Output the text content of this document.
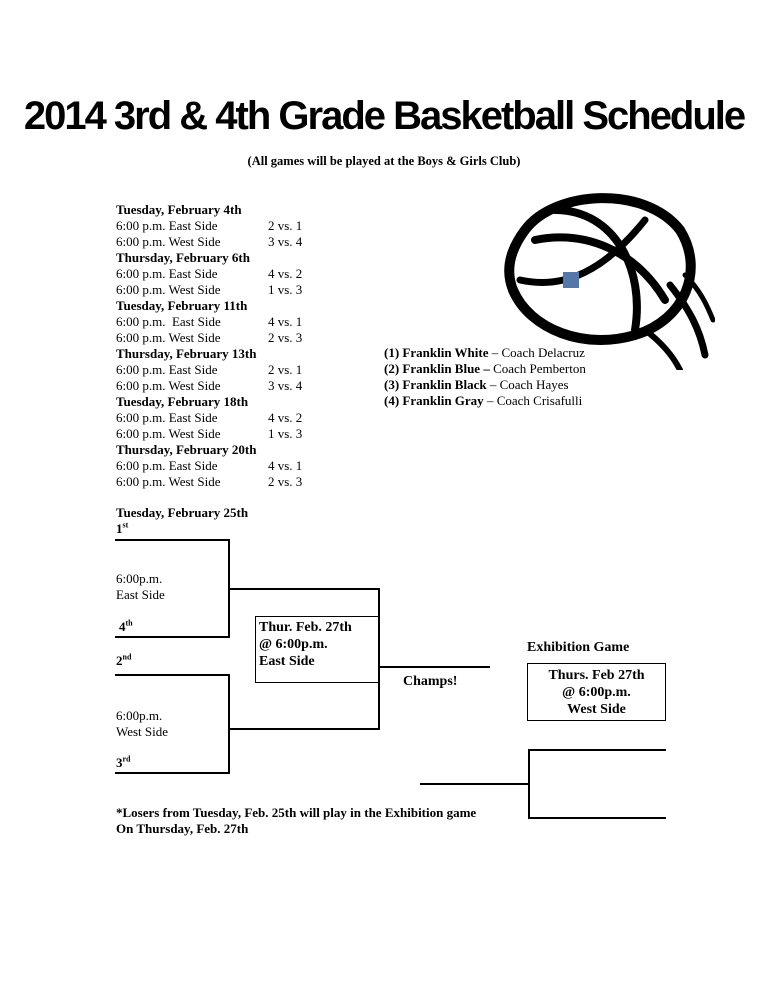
2014 3rd & 4th Grade Basketball Schedule
(All games will be played at the Boys & Girls Club)
Tuesday, February 4th
6:00 p.m. East Side	2 vs. 1
6:00 p.m. West Side	3 vs. 4
Thursday, February 6th
6:00 p.m. East Side	4 vs. 2
6:00 p.m. West Side	1 vs. 3
Tuesday, February 11th
6:00 p.m.  East Side	4 vs. 1
6:00 p.m. West Side	2 vs. 3
Thursday, February 13th
6:00 p.m. East Side	2 vs. 1
6:00 p.m. West Side	3 vs. 4
Tuesday, February 18th
6:00 p.m. East Side	4 vs. 2
6:00 p.m. West Side	1 vs. 3
Thursday, February 20th
6:00 p.m. East Side	4 vs. 1
6:00 p.m. West Side	2 vs. 3
(1) Franklin White – Coach Delacruz
(2) Franklin Blue – Coach Pemberton
(3) Franklin Black – Coach Hayes
(4) Franklin Gray – Coach Crisafulli
Tuesday, February 25th
1st
6:00p.m.
East Side
4th
2nd
6:00p.m.
West Side
3rd
Thur. Feb. 27th
@ 6:00p.m.
East Side
Champs!
Exhibition Game
Thurs. Feb 27th
@ 6:00p.m.
West Side
*Losers from Tuesday, Feb. 25th will play in the Exhibition game
On Thursday, Feb. 27th
